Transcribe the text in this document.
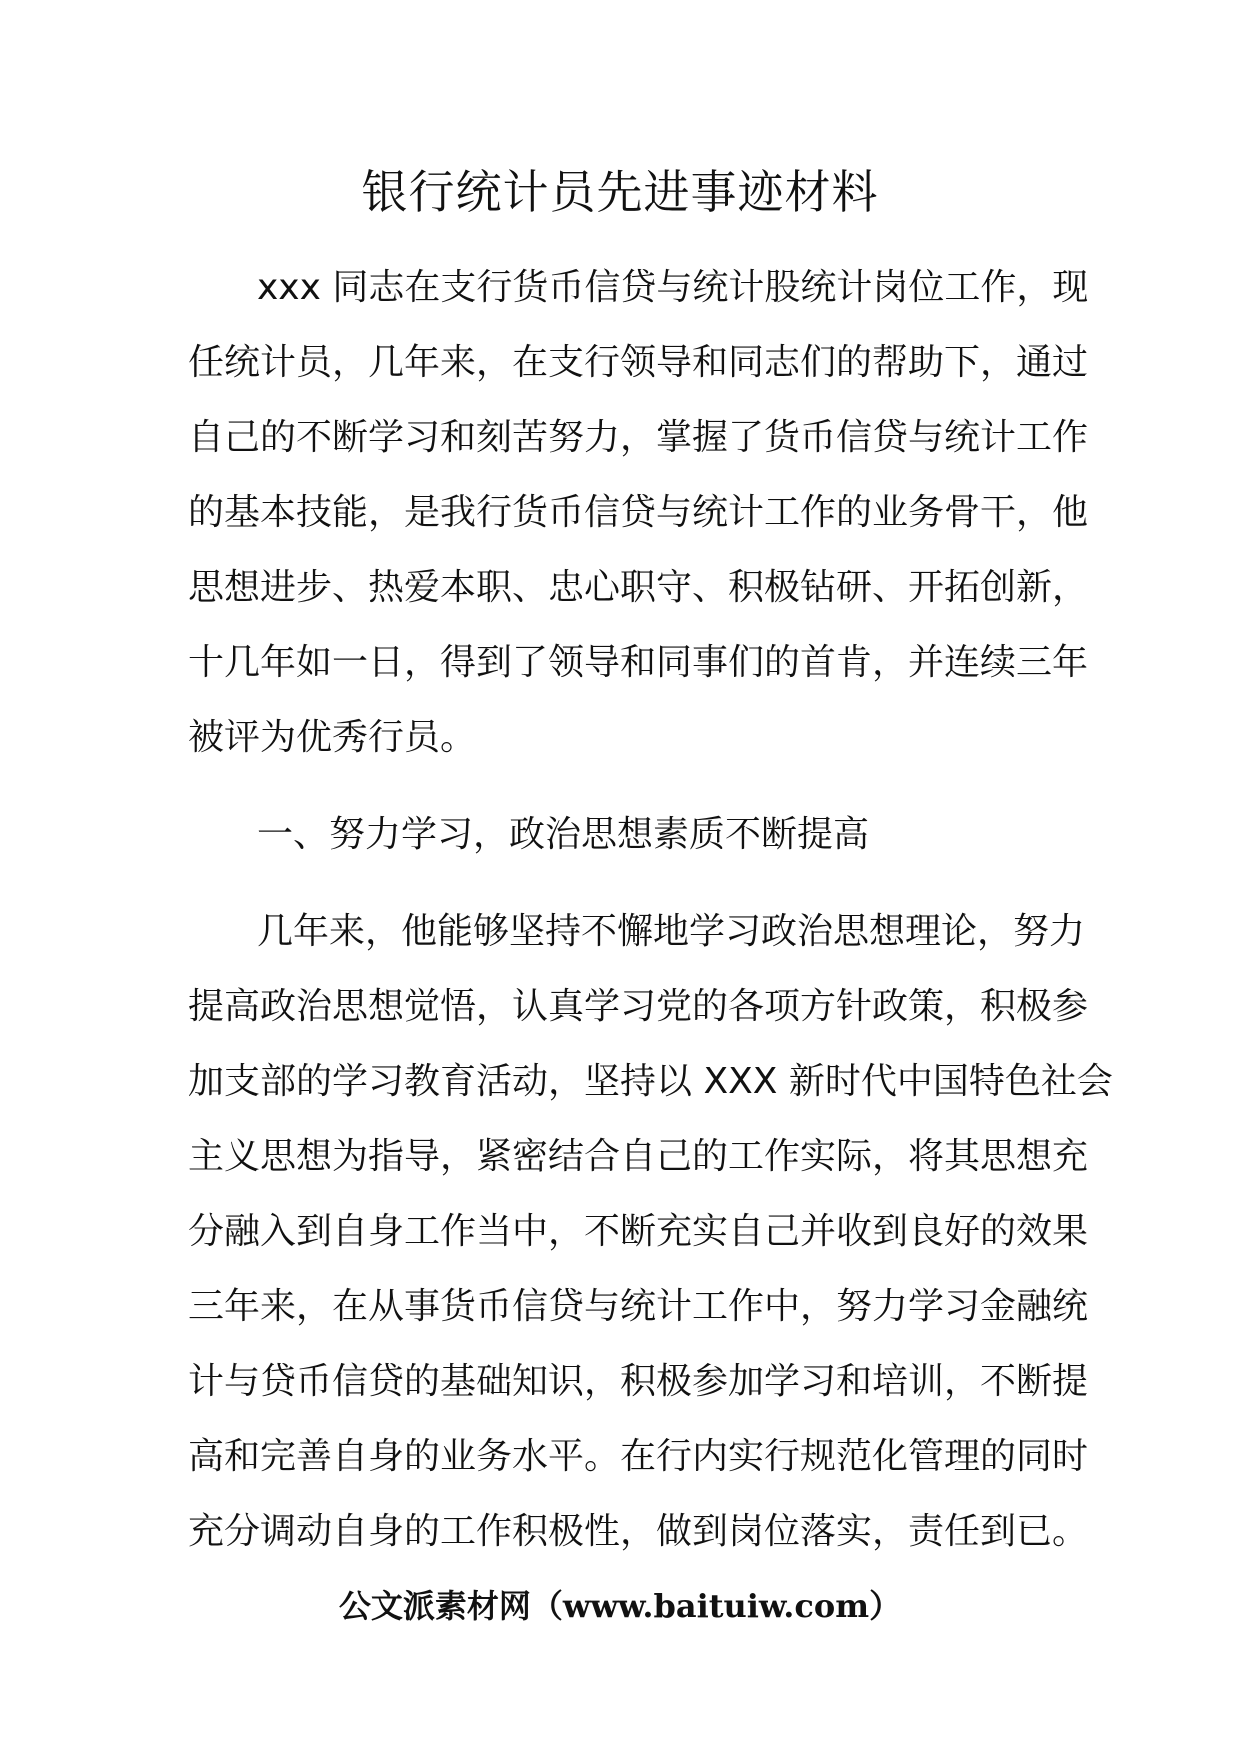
银行统计员先进事迹材料
xxx 同志在支行货币信贷与统计股统计岗位工作，现
任统计员，几年来，在支行领导和同志们的帮助下，通过
自己的不断学习和刻苦努力，掌握了货币信贷与统计工作
的基本技能，是我行货币信贷与统计工作的业务骨干，他
思想进步、热爱本职、忠心职守、积极钻研、开拓创新，
十几年如一日，得到了领导和同事们的首肯，并连续三年
被评为优秀行员。
一、努力学习，政治思想素质不断提高
几年来，他能够坚持不懈地学习政治思想理论，努力
提高政治思想觉悟，认真学习党的各项方针政策，积极参
加支部的学习教育活动，坚持以 XXX 新时代中国特色社会
主义思想为指导，紧密结合自己的工作实际，将其思想充
分融入到自身工作当中，不断充实自己并收到良好的效果
三年来，在从事货币信贷与统计工作中，努力学习金融统
计与贷币信贷的基础知识，积极参加学习和培训，不断提
高和完善自身的业务水平。在行内实行规范化管理的同时
充分调动自身的工作积极性，做到岗位落实，责任到已。
公文派素材网（www.baituiw.com）
